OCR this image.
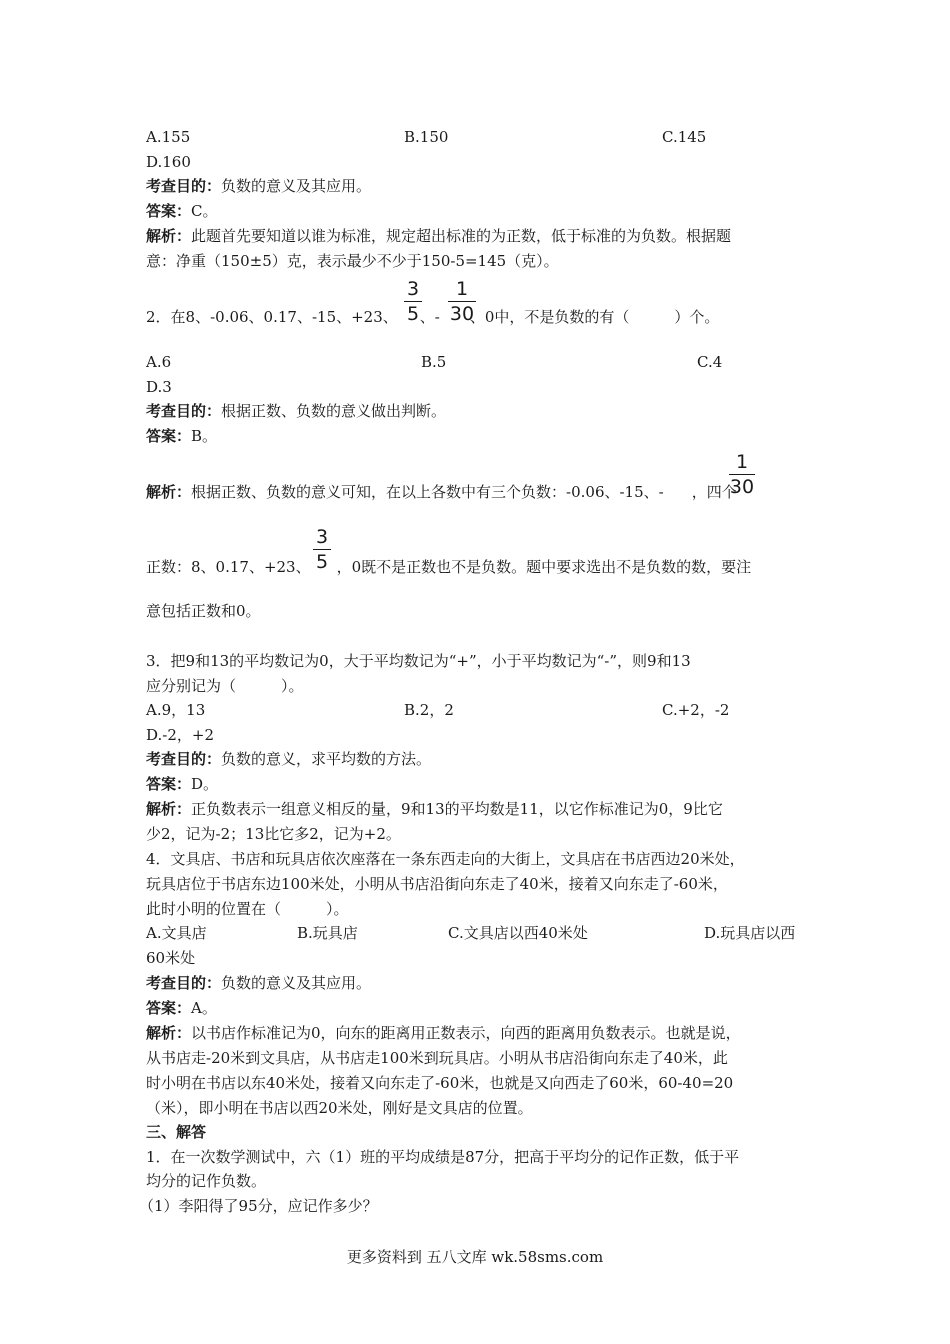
A.155	B.150	C.145
D.160
考查目的：负数的意义及其应用。
答案：C。
解析：此题首先要知道以谁为标准，规定超出标准的为正数，低于标准的为负数。根据题
意：净重（150±5）克，表示最少不少于150-5=145（克）。
2．在8、-0.06、0.17、-15、+23、 、- 、0中，不是负数的有（　　　）个。
3
5
1
30
A.6	B.5	C.4
D.3
考查目的：根据正数、负数的意义做出判断。
答案：B。
解析：根据正数、负数的意义可知，在以上各数中有三个负数：-0.06、-15、- ，四个
1
30
正数：8、0.17、+23、 ，0既不是正数也不是负数。题中要求选出不是负数的数，要注
3
5
意包括正数和0。
3．把9和13的平均数记为0，大于平均数记为“+”，小于平均数记为“-”，则9和13
应分别记为（　　　）。
A.9，13	B.2，2	C.+2，-2
D.-2，+2
考查目的：负数的意义，求平均数的方法。
答案：D。
解析：正负数表示一组意义相反的量，9和13的平均数是11，以它作标准记为0，9比它
少2，记为-2；13比它多2，记为+2。
4．文具店、书店和玩具店依次座落在一条东西走向的大街上，文具店在书店西边20米处，
玩具店位于书店东边100米处，小明从书店沿街向东走了40米，接着又向东走了-60米，
此时小明的位置在（　　　）。
A.文具店	B.玩具店	C.文具店以西40米处	D.玩具店以西
60米处
考查目的：负数的意义及其应用。
答案：A。
解析：以书店作标准记为0，向东的距离用正数表示，向西的距离用负数表示。也就是说，
从书店走-20米到文具店，从书店走100米到玩具店。小明从书店沿街向东走了40米，此
时小明在书店以东40米处，接着又向东走了-60米，也就是又向西走了60米，60-40=20
（米），即小明在书店以西20米处，刚好是文具店的位置。
三、解答
1．在一次数学测试中，六（1）班的平均成绩是87分，把高于平均分的记作正数，低于平
均分的记作负数。
（1）李阳得了95分，应记作多少？
更多资料到 五八文库 wk.58sms.com
